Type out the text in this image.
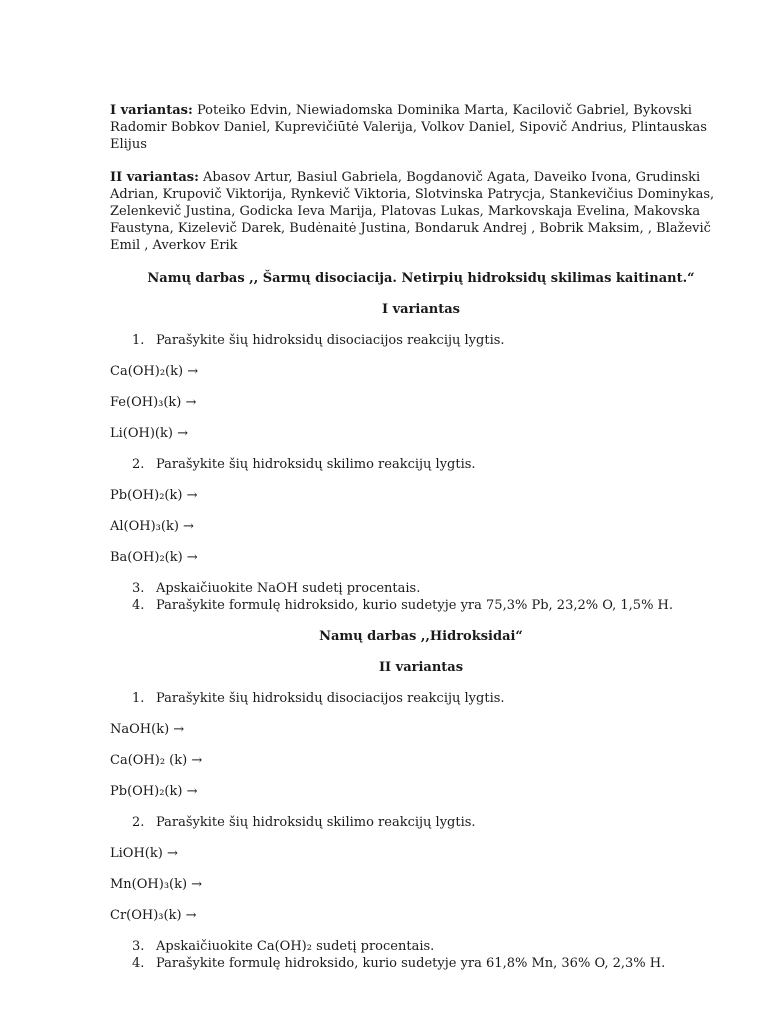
I variantas: Poteiko Edvin, Niewiadomska Dominika Marta, Kacilovič Gabriel, Bykovski Radomir Bobkov Daniel, Kuprevičiūtė Valerija, Volkov Daniel, Sipovič Andrius, Plintauskas Elijus

II variantas: Abasov Artur, Basiul Gabriela, Bogdanovič Agata, Daveiko Ivona, Grudinski Adrian, Krupovič Viktorija, Rynkevič Viktoria, Slotvinska Patrycja, Stankevičius Dominykas, Zelenkevič Justina, Godicka Ieva Marija, Platovas Lukas, Markovskaja Evelina, Makovska Faustyna, Kizelevič Darek, Budėnaitė Justina, Bondaruk Andrej , Bobrik Maksim, , Blaževič Emil , Averkov Erik

Namų darbas ,, Šarmų disociacija. Netirpių hidroksidų skilimas kaitinant.“
I variantas
1. Parašykite šių hidroksidų disociacijos reakcijų lygtis.
Ca(OH)₂(k) →
Fe(OH)₃(k) →
Li(OH)(k) →
2. Parašykite šių hidroksidų skilimo reakcijų lygtis.
Pb(OH)₂(k) →
Al(OH)₃(k) →
Ba(OH)₂(k) →
3. Apskaičiuokite NaOH sudetį procentais.
4. Parašykite formulę hidroksido, kurio sudetyje yra 75,3% Pb, 23,2% O, 1,5% H.
Namų darbas ,,Hidroksidai“
II variantas
1. Parašykite šių hidroksidų disociacijos reakcijų lygtis.
NaOH(k) →
Ca(OH)₂ (k) →
Pb(OH)₂(k) →
2. Parašykite šių hidroksidų skilimo reakcijų lygtis.
LiOH(k) →
Mn(OH)₃(k) →
Cr(OH)₃(k) →
3. Apskaičiuokite Ca(OH)₂ sudetį procentais.
4. Parašykite formulę hidroksido, kurio sudetyje yra 61,8% Mn, 36% O, 2,3% H.
